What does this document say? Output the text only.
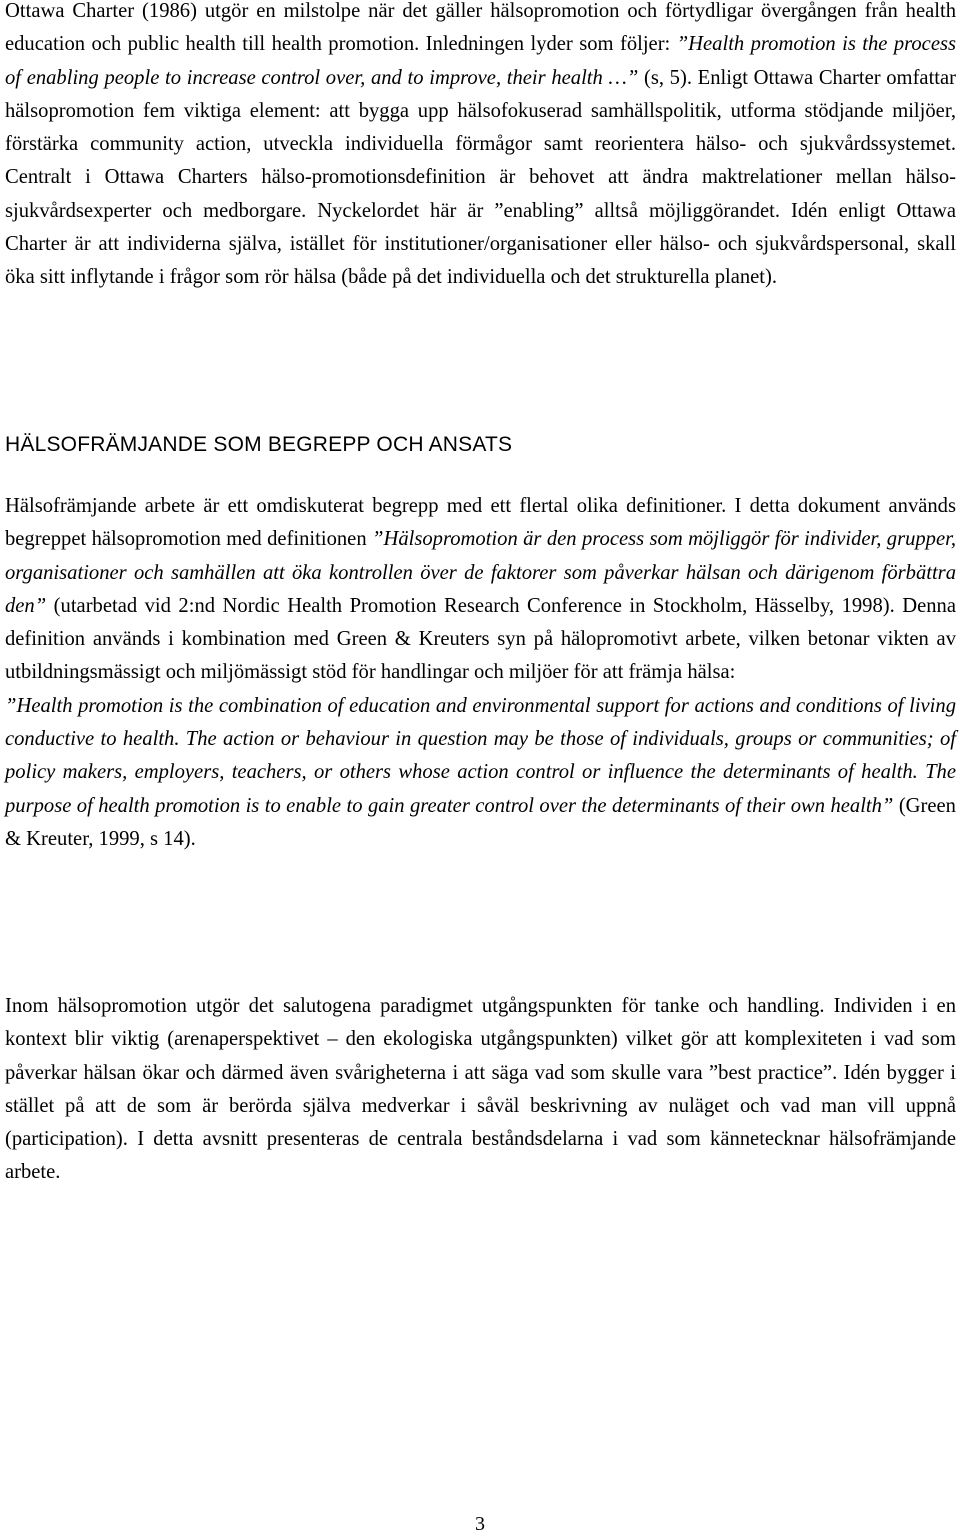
Ottawa Charter (1986) utgör en milstolpe när det gäller hälsopromotion och förtydligar övergången från health education och public health till health promotion. Inledningen lyder som följer: ”Health promotion is the process of enabling people to increase control over, and to improve, their health …” (s, 5). Enligt Ottawa Charter omfattar hälsopromotion fem viktiga element: att bygga upp hälsofokuserad samhällspolitik, utforma stödjande miljöer, förstärka community action, utveckla individuella förmågor samt reorientera hälso- och sjukvårdssystemet. Centralt i Ottawa Charters hälso-promotionsdefinition är behovet att ändra maktrelationer mellan hälso- sjukvårdsexperter och medborgare. Nyckelordet här är ”enabling” alltså möjliggörandet. Idén enligt Ottawa Charter är att individerna själva, istället för institutioner/organisationer eller hälso- och sjukvårdspersonal, skall öka sitt inflytande i frågor som rör hälsa (både på det individuella och det strukturella planet).

HÄLSOFRÄMJANDE SOM BEGREPP OCH ANSATS

Hälsofrämjande arbete är ett omdiskuterat begrepp med ett flertal olika definitioner. I detta dokument används begreppet hälsopromotion med definitionen ”Hälsopromotion är den process som möjliggör för individer, grupper, organisationer och samhällen att öka kontrollen över de faktorer som påverkar hälsan och därigenom förbättra den” (utarbetad vid 2:nd Nordic Health Promotion Research Conference in Stockholm, Hässelby, 1998). Denna definition används i kombination med Green & Kreuters syn på hälopromotivt arbete, vilken betonar vikten av utbildningsmässigt och miljömässigt stöd för handlingar och miljöer för att främja hälsa:
”Health promotion is the combination of education and environmental support for actions and conditions of living conductive to health. The action or behaviour in question may be those of individuals, groups or communities; of policy makers, employers, teachers, or others whose action control or influence the determinants of health. The purpose of health promotion is to enable to gain greater control over the determinants of their own health” (Green & Kreuter, 1999, s 14).

Inom hälsopromotion utgör det salutogena paradigmet utgångspunkten för tanke och handling. Individen i en kontext blir viktig (arenaperspektivet – den ekologiska utgångspunkten) vilket gör att komplexiteten i vad som påverkar hälsan ökar och därmed även svårigheterna i att säga vad som skulle vara ”best practice”. Idén bygger i stället på att de som är berörda själva medverkar i såväl beskrivning av nuläget och vad man vill uppnå (participation). I detta avsnitt presenteras de centrala beståndsdelarna i vad som kännetecknar hälsofrämjande arbete.

3
